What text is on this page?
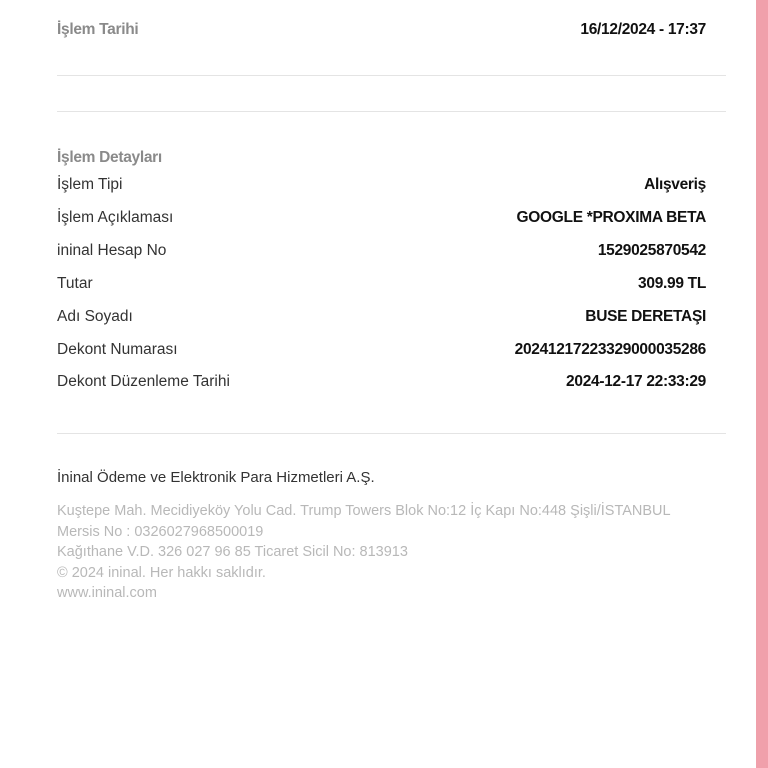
İşlem Tarihi	16/12/2024 - 17:37
İşlem Detayları
İşlem Tipi	Alışveriş
İşlem Açıklaması	GOOGLE *PROXIMA BETA
ininal Hesap No	1529025870542
Tutar	309.99 TL
Adı Soyadı	BUSE DERETAŞI
Dekont Numarası	20241217223329000035286
Dekont Düzenleme Tarihi	2024-12-17 22:33:29
İninal Ödeme ve Elektronik Para Hizmetleri A.Ş.
Kuştepe Mah. Mecidiyeköy Yolu Cad. Trump Towers Blok No:12 İç Kapı No:448 Şişli/İSTANBUL
Mersis No : 0326027968500019
Kağıthane V.D. 326 027 96 85 Ticaret Sicil No: 813913
© 2024 ininal. Her hakkı saklıdır.
www.ininal.com
